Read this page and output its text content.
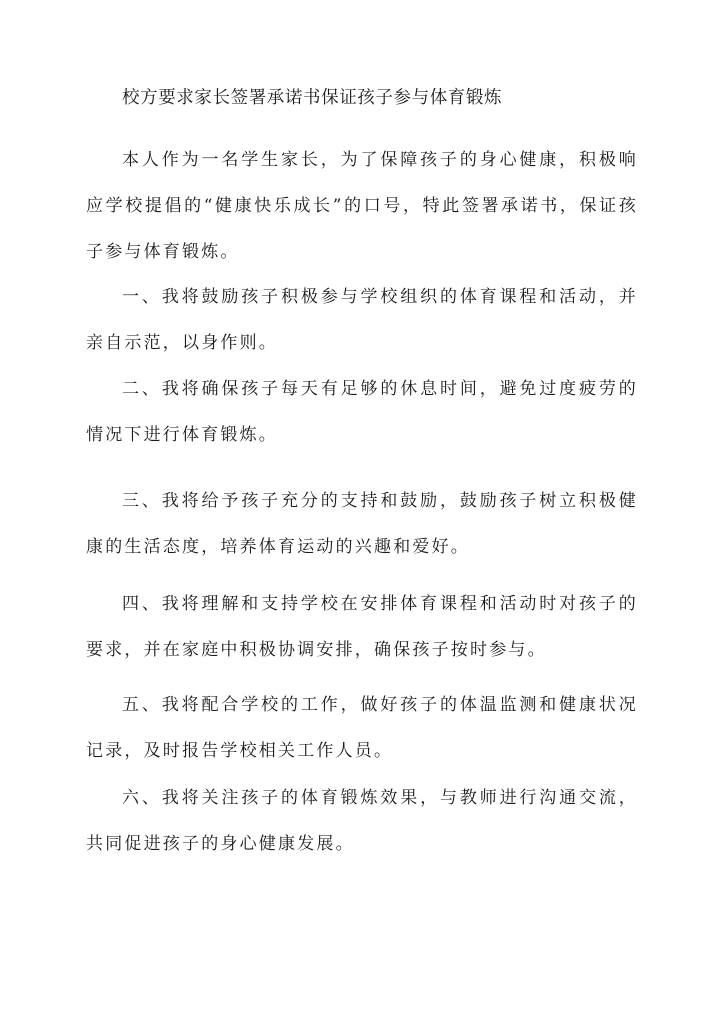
校方要求家长签署承诺书保证孩子参与体育锻炼

本人作为一名学生家长，为了保障孩子的身心健康，积极响应学校提倡的“健康快乐成长”的口号，特此签署承诺书，保证孩子参与体育锻炼。

一、我将鼓励孩子积极参与学校组织的体育课程和活动，并亲自示范，以身作则。

二、我将确保孩子每天有足够的休息时间，避免过度疲劳的情况下进行体育锻炼。

三、我将给予孩子充分的支持和鼓励，鼓励孩子树立积极健康的生活态度，培养体育运动的兴趣和爱好。

四、我将理解和支持学校在安排体育课程和活动时对孩子的要求，并在家庭中积极协调安排，确保孩子按时参与。

五、我将配合学校的工作，做好孩子的体温监测和健康状况记录，及时报告学校相关工作人员。

六、我将关注孩子的体育锻炼效果，与教师进行沟通交流，共同促进孩子的身心健康发展。
